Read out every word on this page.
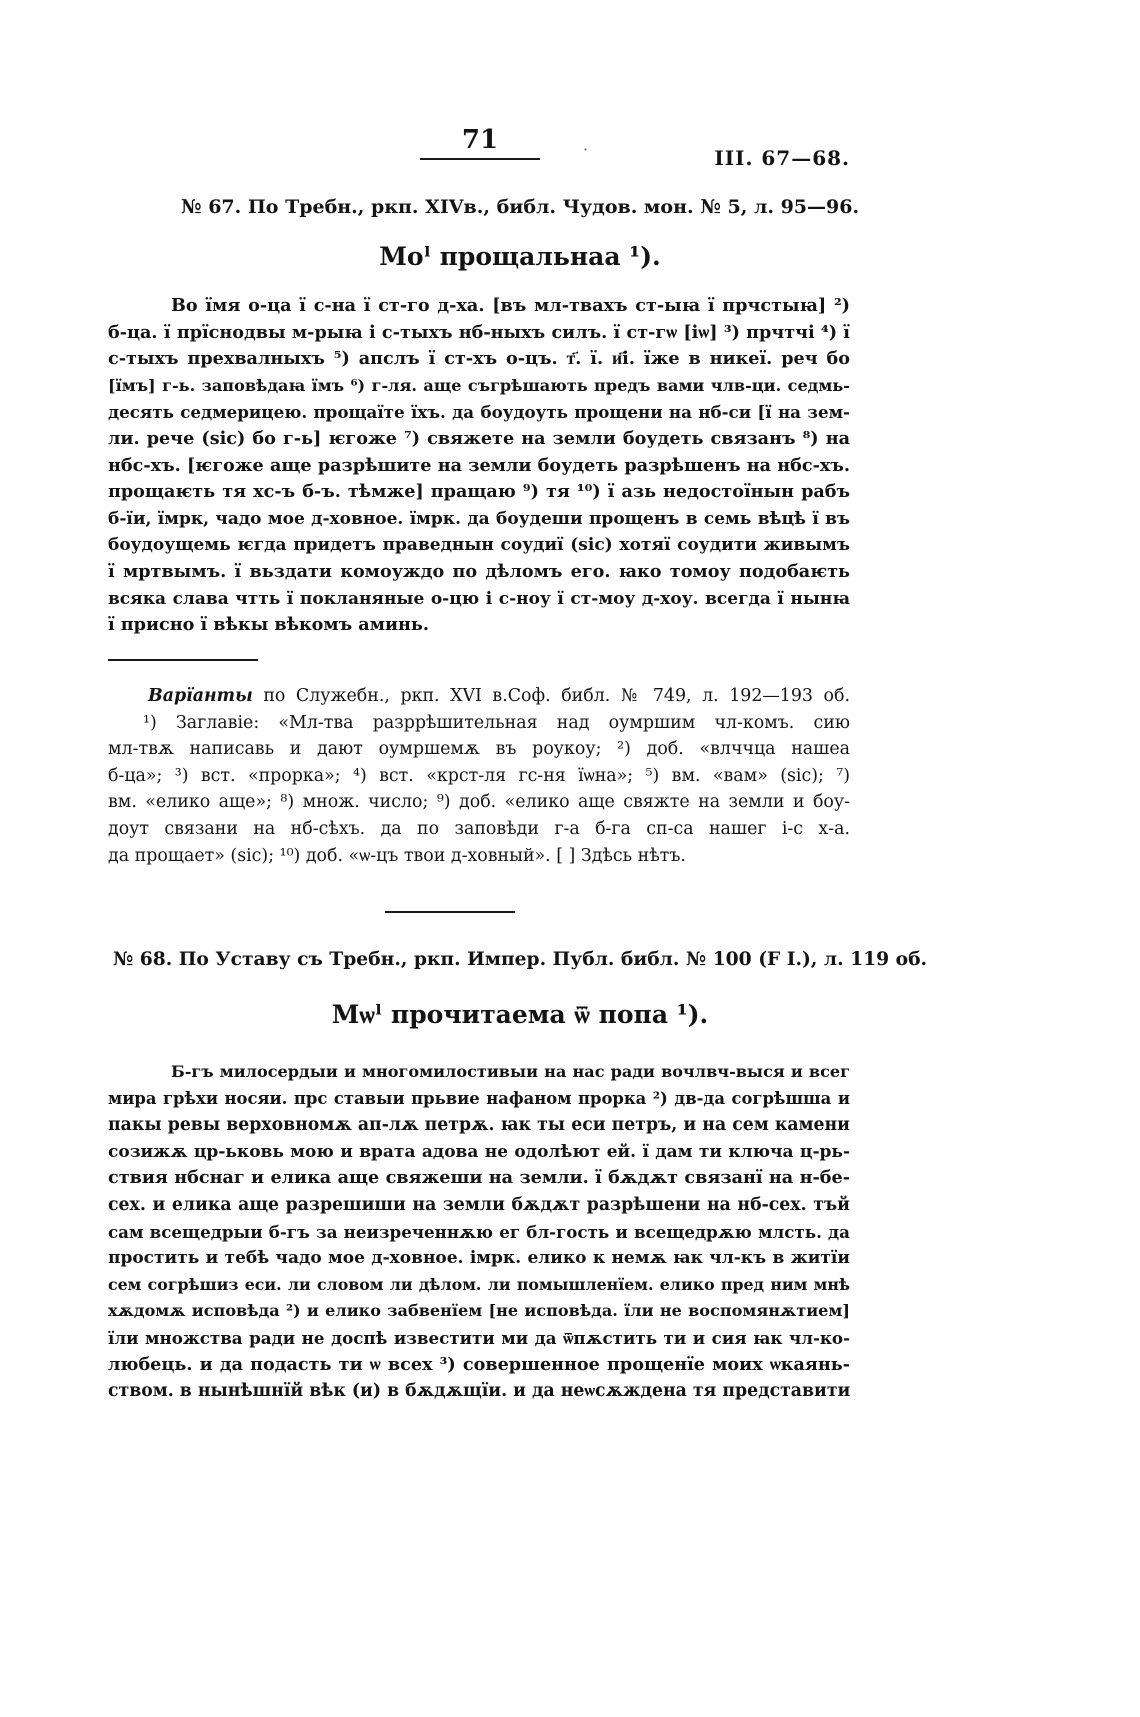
71	·	III. 67—68.
№ 67. По Требн., ркп. XIVв., библ. Чудов. мон. № 5, л. 95—96.
Моˡ прощальнаа ¹).
Во їмя о-ца ї с-на ї ст-го д-ха. [въ мл-твахъ ст-ыꙗ ї прчстыꙗ] ²)
б-ца. ї прїснодвы м-рыꙗ і с-тыхъ нб-ныхъ силъ. ї ст-гѡ [іѡ] ³) прчтчі ⁴) ї
с-тыхъ прехвалныхъ ⁵) апслъ ї ст-хъ о-цъ. т҃. ї. и҃і. їже в никеї. реч бо
[їмъ] г-ь. заповѣдаꙗ їмъ ⁶) г-ля. аще съгрѣшають предъ вами члв-ци. седмь-
десять седмерицею. прощаїте їхъ. да боудоуть прощени на нб-си [ї на зем-
ли. рече (sic) бо г-ь] ѥгоже ⁷) свяжете на земли боудеть связанъ ⁸) на
нбс-хъ. [ѥгоже аще разрѣшите на земли боудеть разрѣшенъ на нбс-хъ.
прощаѥть тя хс-ъ б-ъ. тѣмже] пращаю ⁹) тя ¹⁰) ї азь недостоїнын рабъ
б-їи, їмрк, чадо мое д-ховное. їмрк. да боудеши прощенъ в семь вѣцѣ ї въ
боудоущемь ѥгда придетъ праведнын соудиї (sic) хотяї соудити живымъ
ї мртвымъ. ї вьздати комоуждо по дѣломъ его. ꙗко томоу подобаѥть
всяка слава чтть ї покланяные о-цю і с-ноу ї ст-моу д-хоу. всегда ї нынꙗ
ї присно ї вѣкы вѣкомъ аминь.
Варїанты по Служебн., ркп. XVI в.Соф. библ. № 749, л. 192—193 об.
¹) Заглавіе: «Мл-тва разррѣшительная над оумршим чл-комъ. сию
мл-твѫ написавь и дают оумршемѫ въ роукоу; ²) доб. «влччца нашеа
б-ца»; ³) вст. «прорка»; ⁴) вст. «крст-ля гс-ня їѡна»; ⁵) вм. «вам» (sic); ⁷)
вм. «елико аще»; ⁸) множ. число; ⁹) доб. «елико аще свяжте на земли и боу-
доут связани на нб-сѣхъ. да по заповѣди г-а б-га сп-са нашег і-с х-а.
да прощает» (sic); ¹⁰) доб. «ѡ-цъ твои д-ховный». [ ] Здѣсь нѣтъ.
№ 68. По Уставу съ Требн., ркп. Импер. Публ. библ. № 100 (F I.), л. 119 об.
Мѡˡ прочитаема ѿ попа ¹).
Б-гъ милосердыи и многомилостивыи на нас ради вочлвч-выся и всег
мира грѣхи носяи. прс ставыи прьвие нафаном прорка ²) дв-да согрѣшша и
пакы ревы верховномѫ ап-лѫ петрѫ. ꙗк ты еси петръ, и на сем камени
созижѫ цр-ьковь мою и врата адова не одолѣют ей. ї дам ти ключа ц-рь-
ствия нбснаг и елика аще свяжеши на земли. ї бѫдѫт связанї на н-бе-
сех. и елика аще разрешиши на земли бѫдѫт разрѣшени на нб-сех. тъй
сам всещедрыи б-гъ за неизреченнѫю ег бл-гость и всещедрѫю млсть. да
простить и тебѣ чадо мое д-ховное. імрк. елико к немѫ ꙗк чл-къ в житїи
сем согрѣшиз еси. ли словом ли дѣлом. ли помышленїем. елико пред ним мнѣ
хѫдомѫ исповѣда ²) и елико забвенїем [не исповѣда. їли не воспомянѫтием]
їли множства ради не доспѣ известити ми да ѿпѫстить ти и сия ꙗк чл-ко-
любець. и да подасть ти ѡ всех ³) совершенное прощенїе моих ѡкаянь-
ством. в нынѣшнїй вѣк (и) в бѫдѫщїи. и да неѡсѫждена тя представити
